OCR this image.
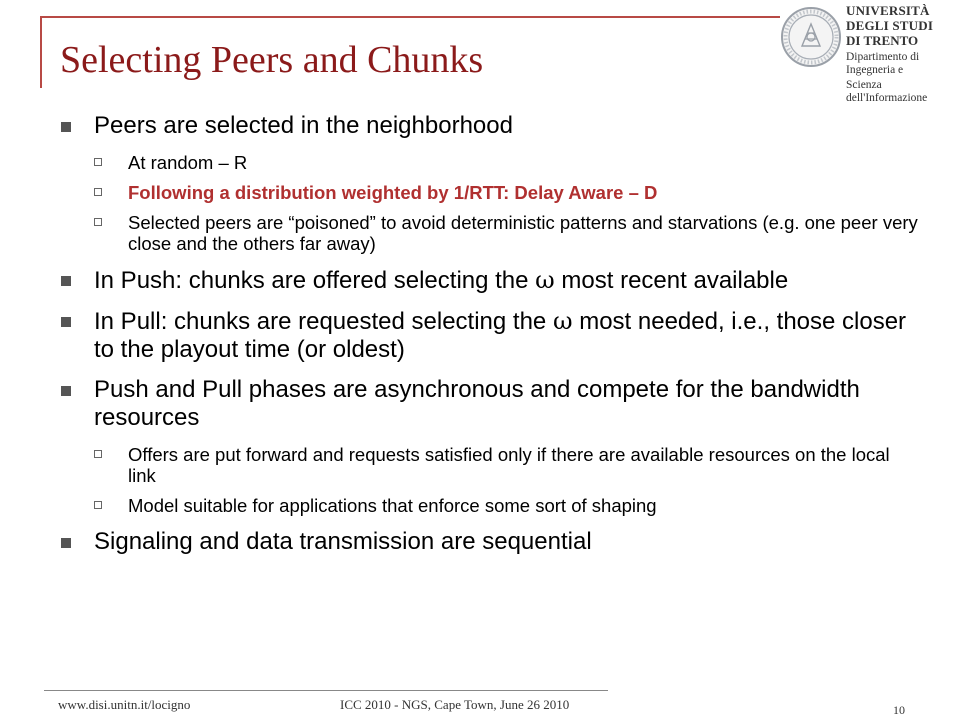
Selecting Peers and Chunks
UNIVERSITÀ DEGLI STUDI
DI TRENTO
Dipartimento di Ingegneria e
Scienza dell'Informazione
Peers are selected in the neighborhood
At random – R
Following a distribution weighted by 1/RTT: Delay Aware – D
Selected peers are “poisoned” to avoid deterministic patterns and starvations (e.g. one peer very close and the others far away)
In Push: chunks are offered selecting the ω most recent available
In Pull: chunks are requested selecting the ω most needed, i.e., those closer to the playout time (or oldest)
Push and Pull phases are asynchronous and compete for the bandwidth resources
Offers are put forward and requests satisfied only if there are available resources on the local link
Model suitable for applications that enforce some sort of shaping
Signaling and data transmission are sequential
www.disi.unitn.it/locigno	ICC 2010 - NGS, Cape Town, June 26 2010	10
